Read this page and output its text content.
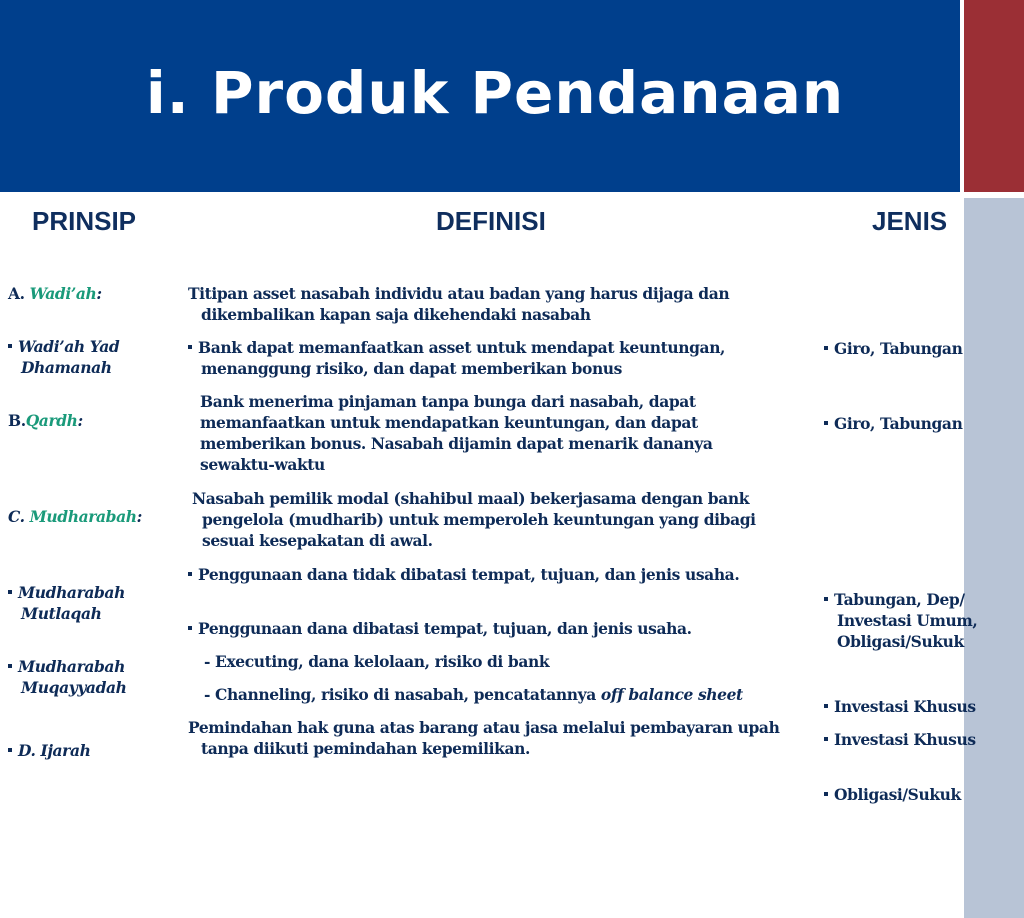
i. Produk Pendanaan
PRINSIP	DEFINISI	JENIS
A. Wadi’ah:
Wadi’ah Yad
Dhamanah
B.Qardh:
C. Mudharabah:
Mudharabah
Mutlaqah
Mudharabah
Muqayyadah
D. Ijarah
Titipan asset nasabah individu atau badan yang harus dijaga dan
dikembalikan kapan saja dikehendaki nasabah
Bank dapat memanfaatkan asset untuk mendapat keuntungan,
menanggung risiko, dan dapat memberikan bonus
Bank menerima pinjaman tanpa bunga dari nasabah, dapat
memanfaatkan untuk mendapatkan keuntungan, dan dapat
memberikan bonus. Nasabah dijamin dapat menarik dananya
sewaktu-waktu
Nasabah pemilik modal (shahibul maal) bekerjasama dengan bank
pengelola (mudharib) untuk memperoleh keuntungan yang dibagi
sesuai kesepakatan di awal.
Penggunaan dana tidak dibatasi tempat, tujuan, dan jenis usaha.
Penggunaan dana dibatasi tempat, tujuan, dan jenis usaha.
- Executing, dana kelolaan, risiko di bank
- Channeling, risiko di nasabah, pencatatannya off balance sheet
Pemindahan hak guna atas barang atau jasa melalui pembayaran upah
tanpa diikuti pemindahan kepemilikan.
Giro, Tabungan
Giro, Tabungan
Tabungan, Dep/
Investasi Umum,
Obligasi/Sukuk
Investasi Khusus
Investasi Khusus
Obligasi/Sukuk
